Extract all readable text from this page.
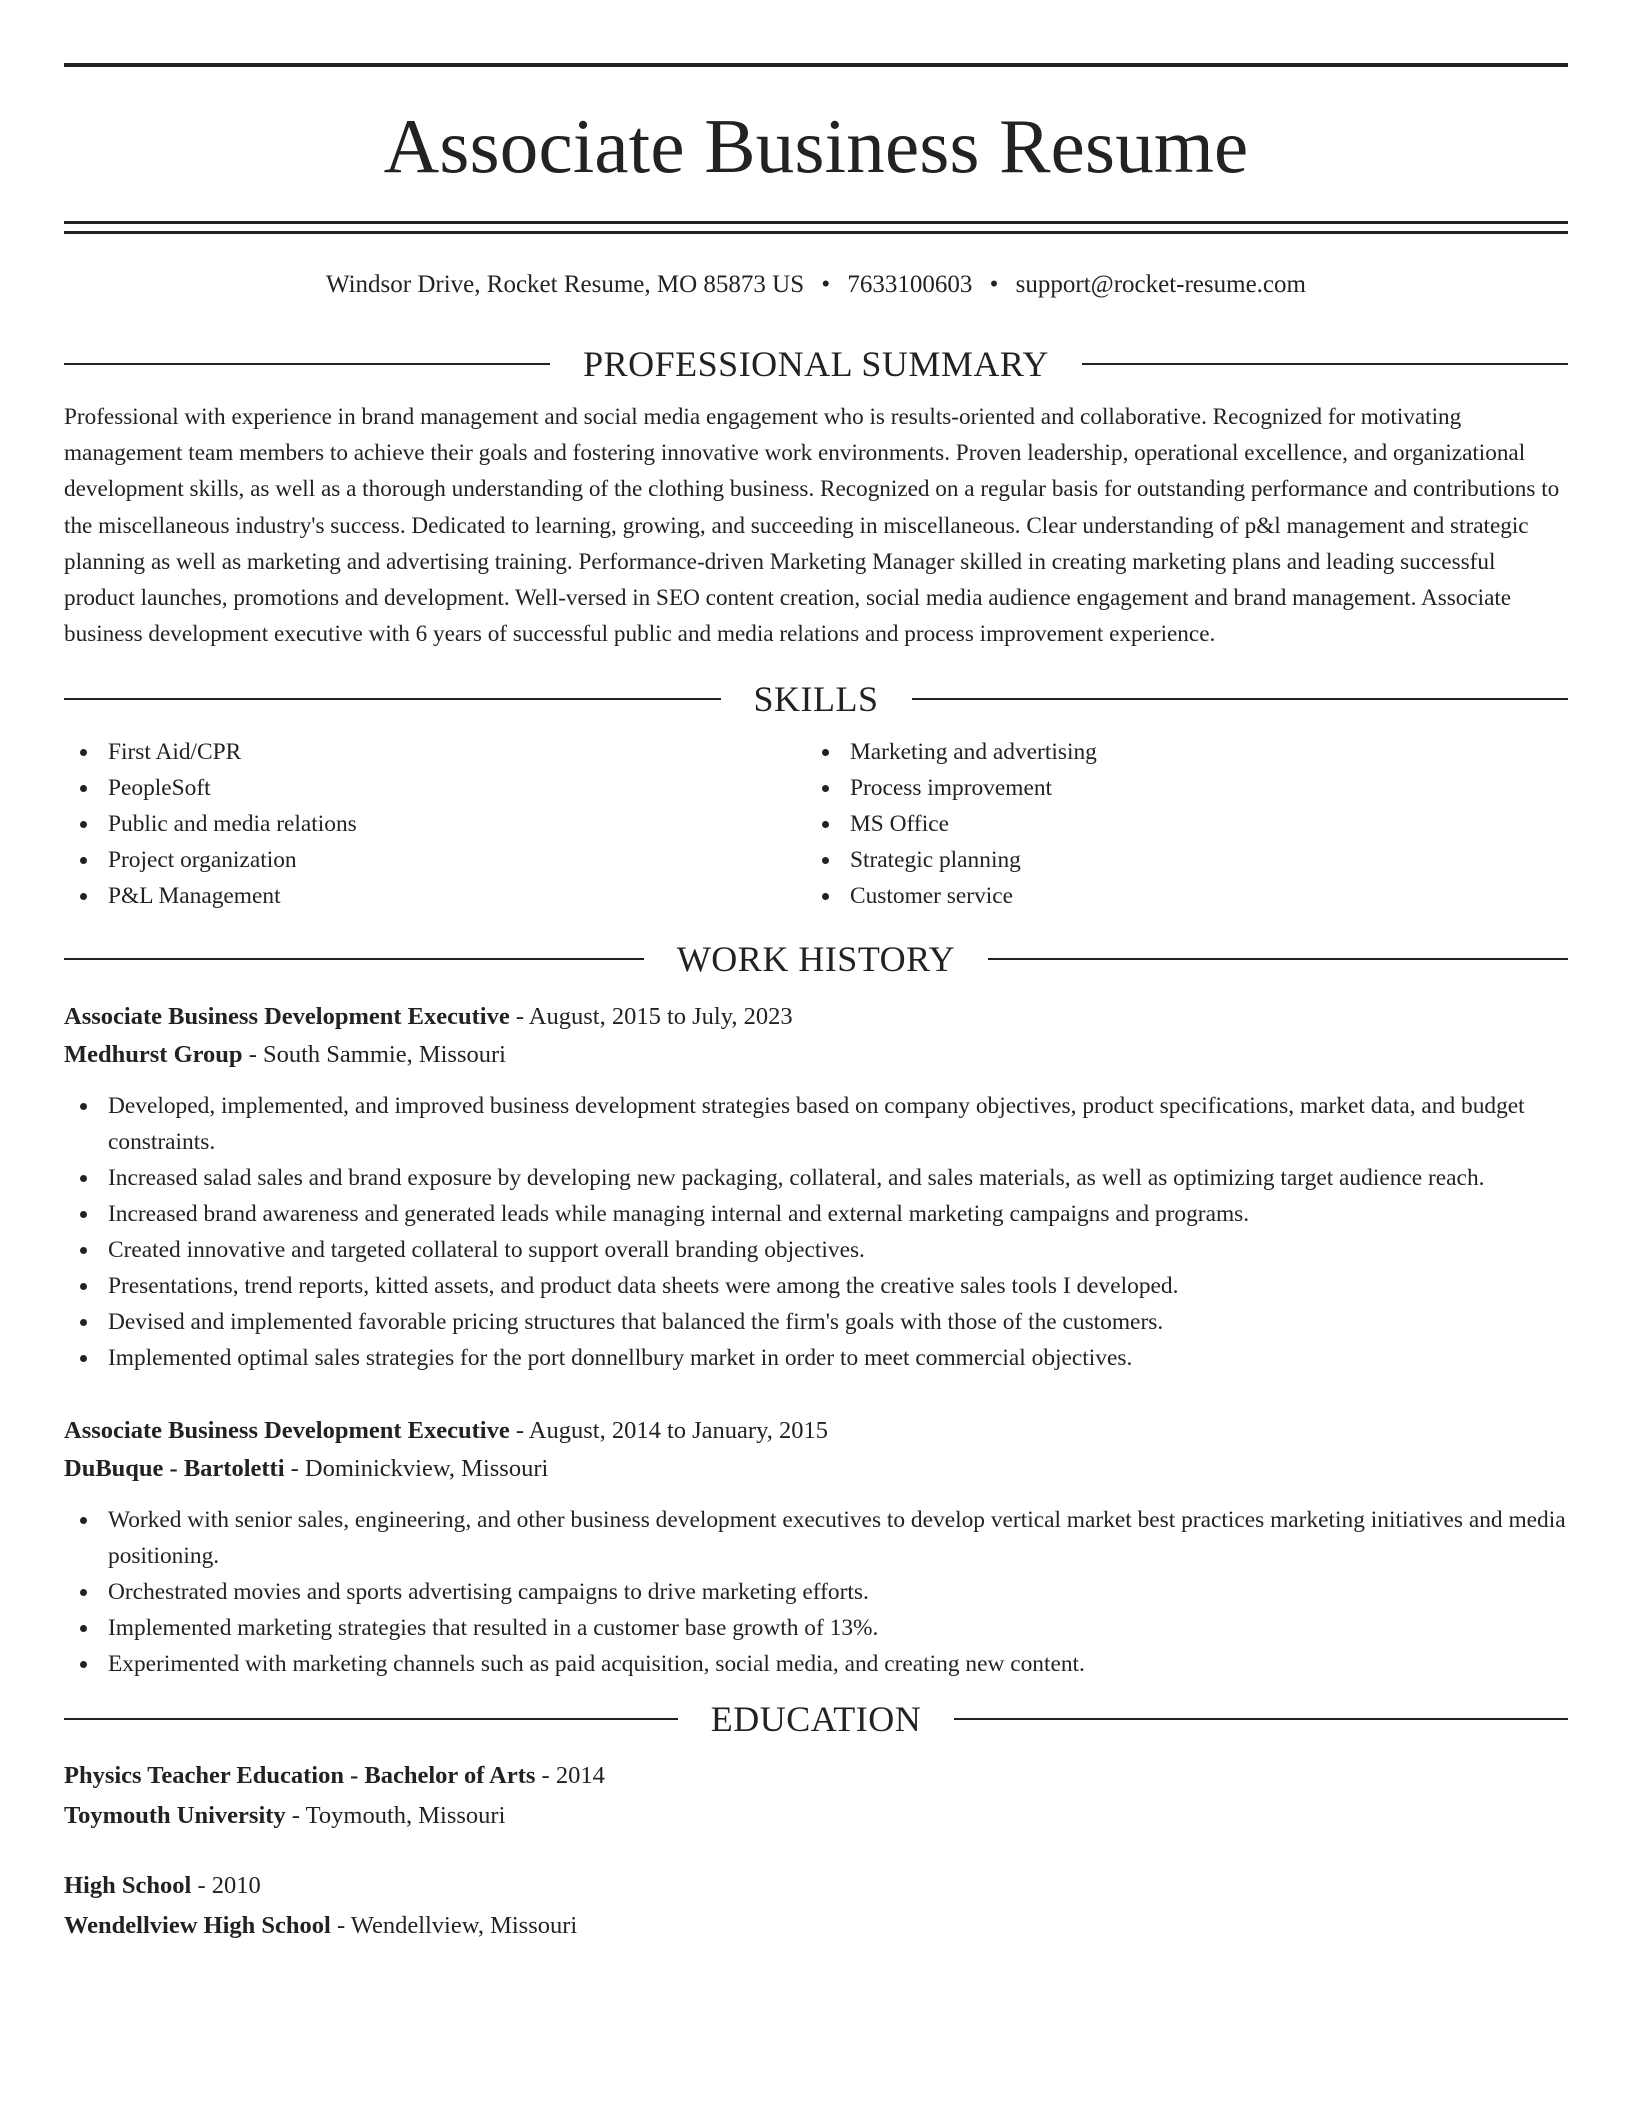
Associate Business Resume
Windsor Drive, Rocket Resume, MO 85873 US • 7633100603 • support@rocket-resume.com
PROFESSIONAL SUMMARY

Professional with experience in brand management and social media engagement who is results-oriented and collaborative. Recognized for motivating management team members to achieve their goals and fostering innovative work environments. Proven leadership, operational excellence, and organizational development skills, as well as a thorough understanding of the clothing business. Recognized on a regular basis for outstanding performance and contributions to the miscellaneous industry's success. Dedicated to learning, growing, and succeeding in miscellaneous. Clear understanding of p&l management and strategic planning as well as marketing and advertising training. Performance-driven Marketing Manager skilled in creating marketing plans and leading successful product launches, promotions and development. Well-versed in SEO content creation, social media audience engagement and brand management. Associate business development executive with 6 years of successful public and media relations and process improvement experience.

SKILLS
First Aid/CPR
PeopleSoft
Public and media relations
Project organization
P&L Management
Marketing and advertising
Process improvement
MS Office
Strategic planning
Customer service
WORK HISTORY
Associate Business Development Executive - August, 2015 to July, 2023
Medhurst Group - South Sammie, Missouri
Developed, implemented, and improved business development strategies based on company objectives, product specifications, market data, and budget constraints.
Increased salad sales and brand exposure by developing new packaging, collateral, and sales materials, as well as optimizing target audience reach.
Increased brand awareness and generated leads while managing internal and external marketing campaigns and programs.
Created innovative and targeted collateral to support overall branding objectives.
Presentations, trend reports, kitted assets, and product data sheets were among the creative sales tools I developed.
Devised and implemented favorable pricing structures that balanced the firm's goals with those of the customers.
Implemented optimal sales strategies for the port donnellbury market in order to meet commercial objectives.
Associate Business Development Executive - August, 2014 to January, 2015
DuBuque - Bartoletti - Dominickview, Missouri
Worked with senior sales, engineering, and other business development executives to develop vertical market best practices marketing initiatives and media positioning.
Orchestrated movies and sports advertising campaigns to drive marketing efforts.
Implemented marketing strategies that resulted in a customer base growth of 13%.
Experimented with marketing channels such as paid acquisition, social media, and creating new content.
EDUCATION
Physics Teacher Education - Bachelor of Arts - 2014
Toymouth University - Toymouth, Missouri
High School - 2010
Wendellview High School - Wendellview, Missouri
